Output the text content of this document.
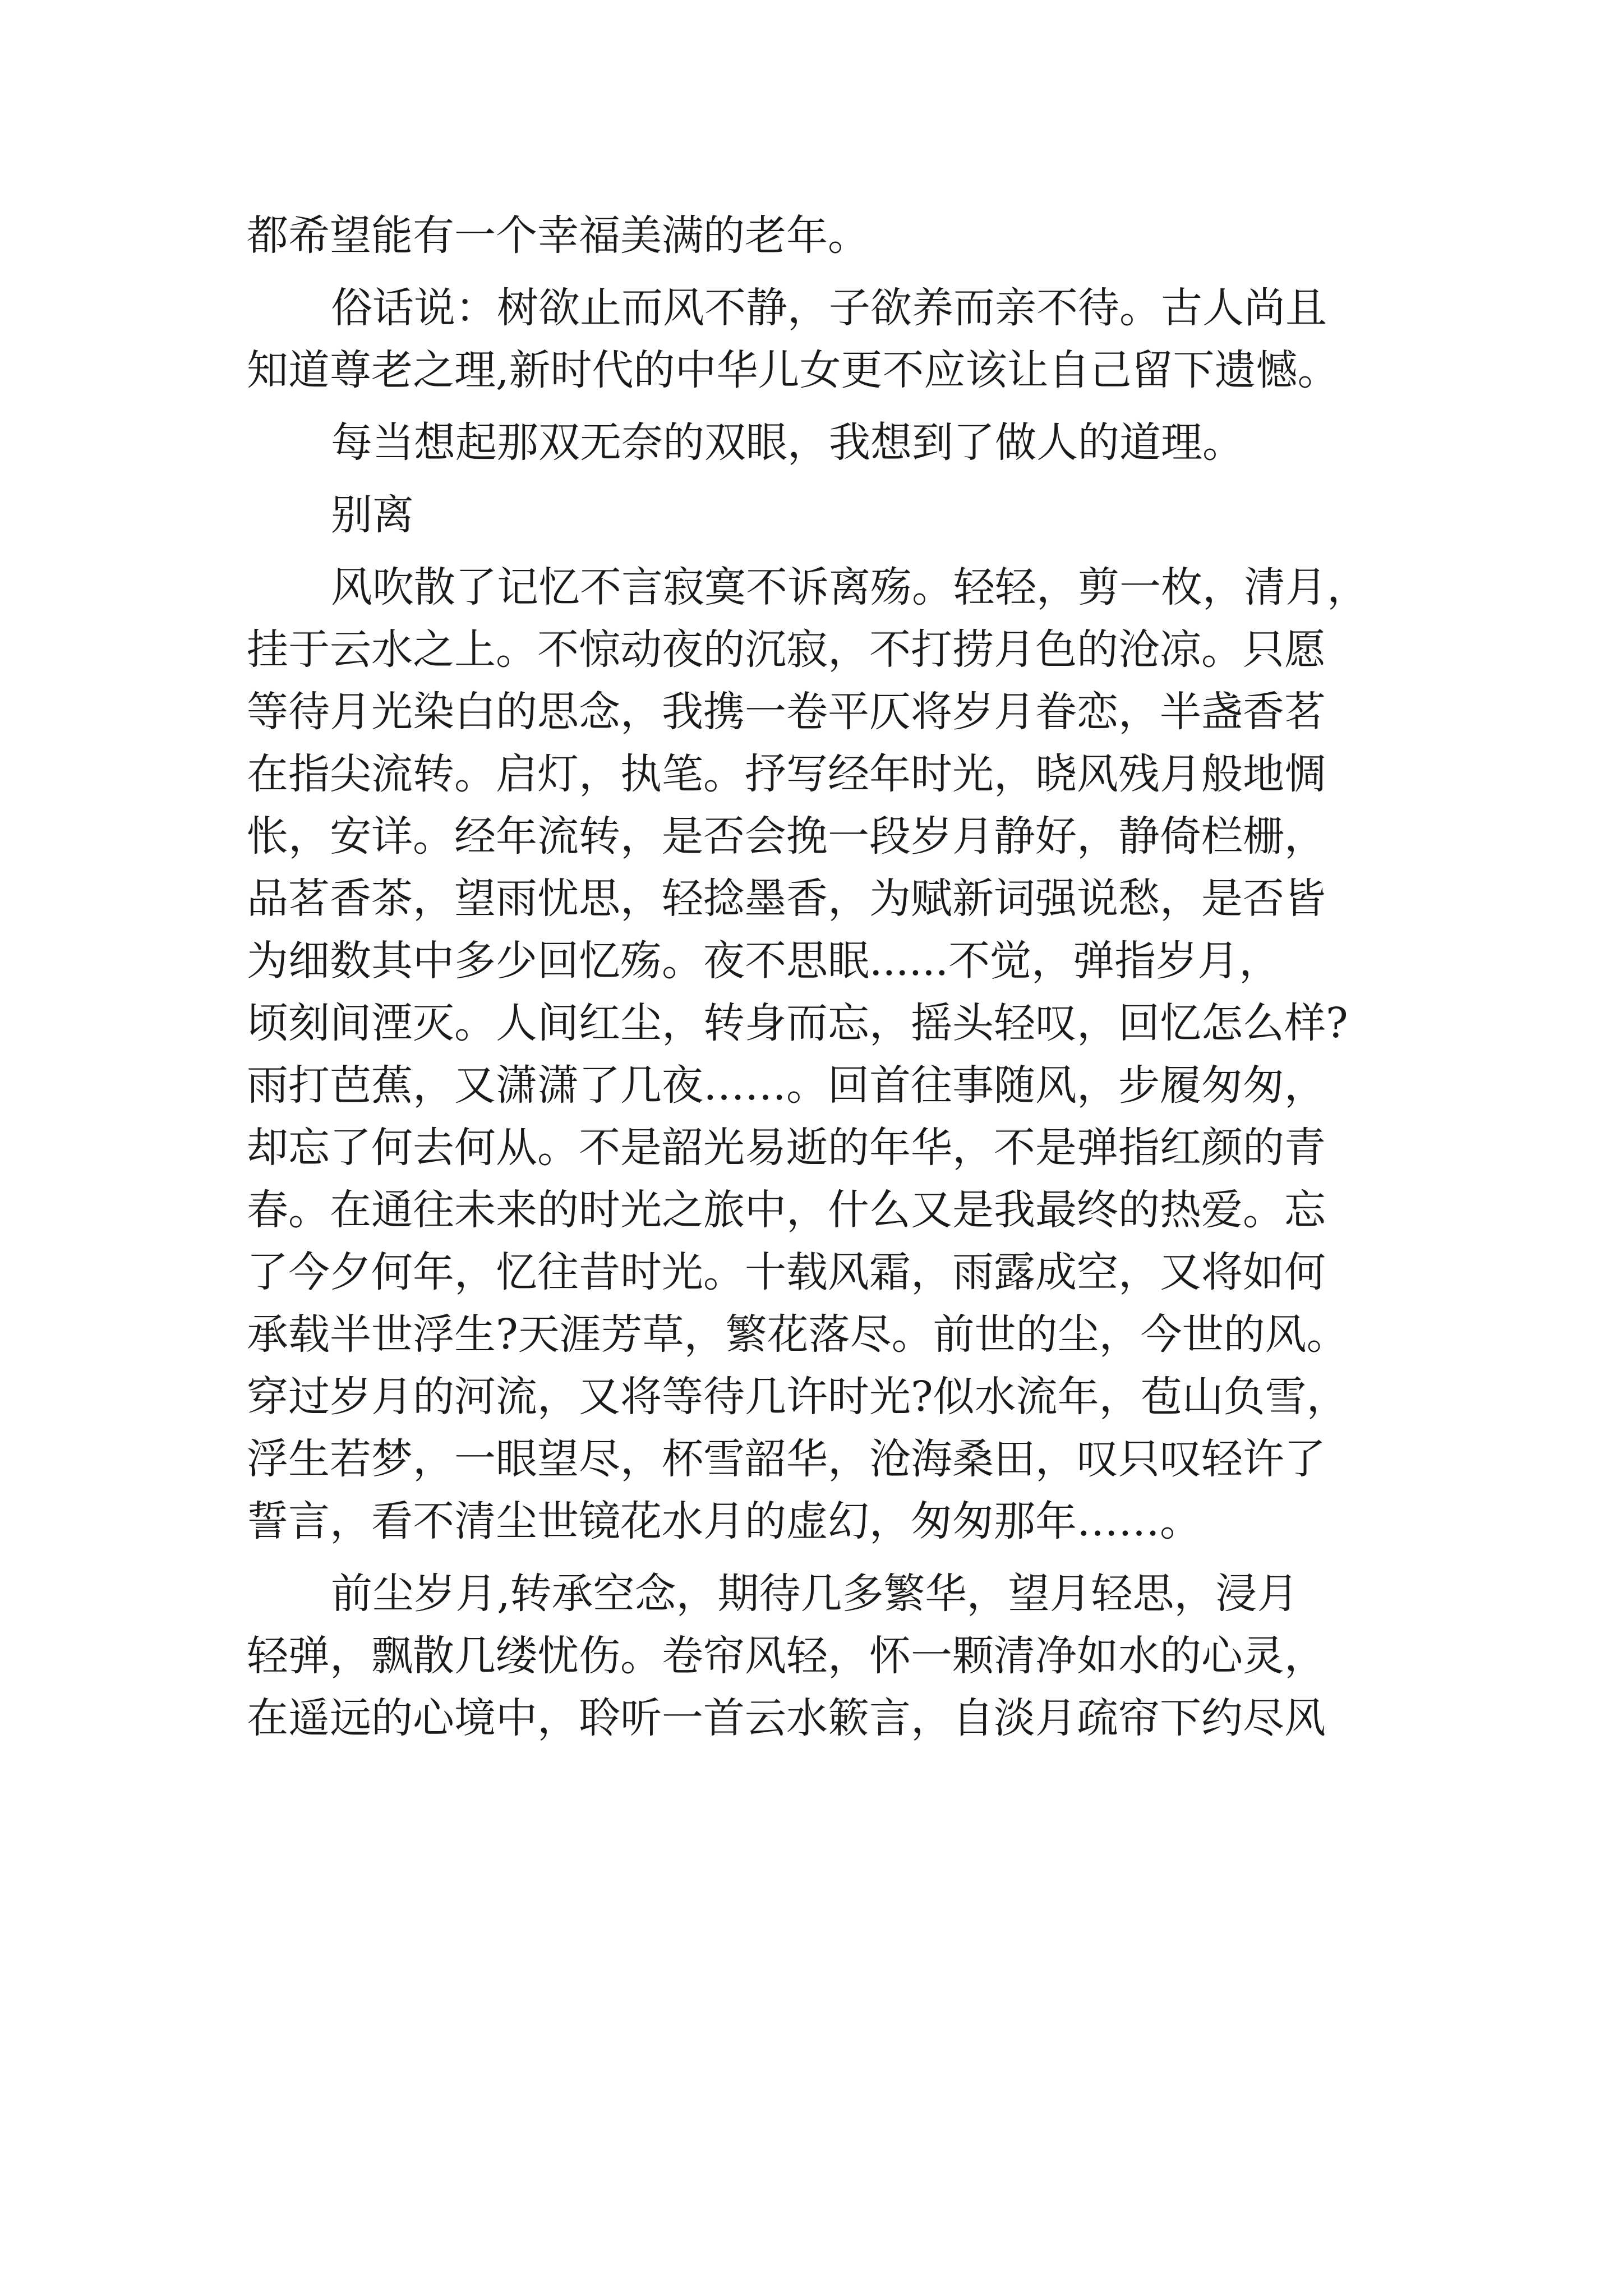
都希望能有一个幸福美满的老年。
俗话说：树欲止而风不静，子欲养而亲不待。古人尚且
知道尊老之理,新时代的中华儿女更不应该让自己留下遗憾。
每当想起那双无奈的双眼，我想到了做人的道理。
别离
风吹散了记忆不言寂寞不诉离殇。轻轻，剪一枚，清月，
挂于云水之上。不惊动夜的沉寂，不打捞月色的沧凉。只愿
等待月光染白的思念，我携一卷平仄将岁月眷恋，半盏香茗
在指尖流转。启灯，执笔。抒写经年时光，晓风残月般地惆
怅，安详。经年流转，是否会挽一段岁月静好，静倚栏栅，
品茗香茶，望雨忧思，轻捻墨香，为赋新词强说愁，是否皆
为细数其中多少回忆殇。夜不思眠......不觉，弹指岁月，
顷刻间湮灭。人间红尘，转身而忘，摇头轻叹，回忆怎么样?
雨打芭蕉，又潇潇了几夜……。回首往事随风，步履匆匆，
却忘了何去何从。不是韶光易逝的年华，不是弹指红颜的青
春。在通往未来的时光之旅中，什么又是我最终的热爱。忘
了今夕何年，忆往昔时光。十载风霜，雨露成空，又将如何
承载半世浮生?天涯芳草，繁花落尽。前世的尘，今世的风。
穿过岁月的河流，又将等待几许时光?似水流年，苞山负雪，
浮生若梦，一眼望尽，杯雪韶华，沧海桑田，叹只叹轻许了
誓言，看不清尘世镜花水月的虚幻，匆匆那年……。
前尘岁月,转承空念，期待几多繁华，望月轻思，浸月
轻弹，飘散几缕忧伤。卷帘风轻，怀一颗清净如水的心灵，
在遥远的心境中，聆听一首云水簌言，自淡月疏帘下约尽风
